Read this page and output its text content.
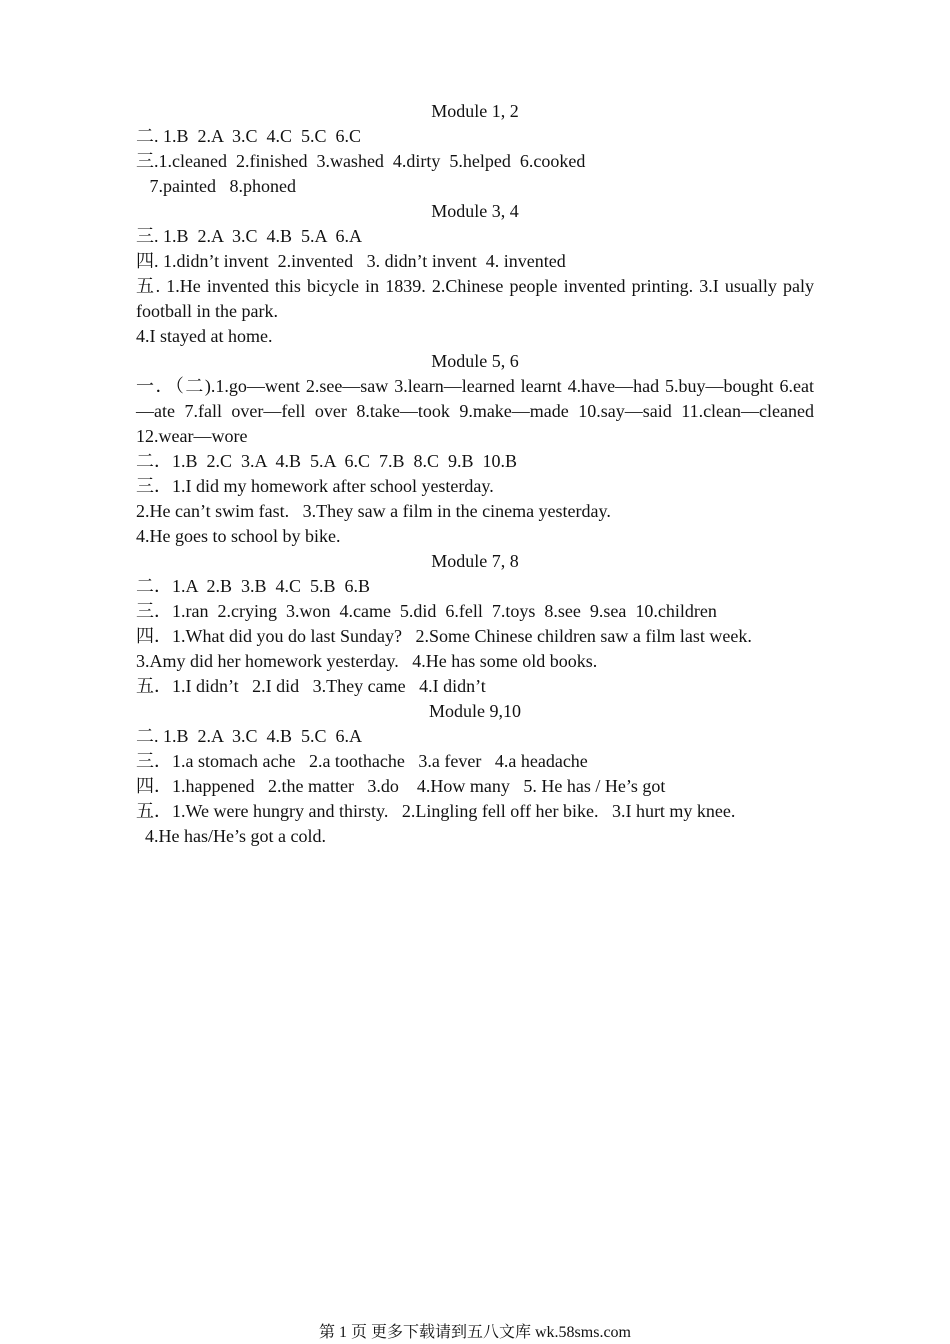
Module 1, 2
二. 1.B  2.A  3.C  4.C  5.C  6.C
三.1.cleaned  2.finished  3.washed  4.dirty  5.helped  6.cooked
7.painted   8.phoned
Module 3, 4
三. 1.B  2.A  3.C  4.B  5.A  6.A
四. 1.didn’t invent  2.invented   3. didn’t invent  4. invented
五. 1.He invented this bicycle in 1839. 2.Chinese people invented printing. 3.I usually paly football in the park.
4.I stayed at home.
Module 5, 6
一．（二).1.go—went 2.see—saw 3.learn—learned learnt 4.have—had 5.buy—bought 6.eat—ate 7.fall over—fell over 8.take—took 9.make—made 10.say—said 11.clean—cleaned 12.wear—wore
二．1.B  2.C  3.A  4.B  5.A  6.C  7.B  8.C  9.B  10.B
三．1.I did my homework after school yesterday.
2.He can’t swim fast.   3.They saw a film in the cinema yesterday.
4.He goes to school by bike.
Module 7, 8
二．1.A  2.B  3.B  4.C  5.B  6.B
三．1.ran  2.crying  3.won  4.came  5.did  6.fell  7.toys  8.see  9.sea  10.children
四．1.What did you do last Sunday?   2.Some Chinese children saw a film last week.
3.Amy did her homework yesterday.   4.He has some old books.
五．1.I didn’t   2.I did   3.They came   4.I didn’t
Module 9,10
二. 1.B  2.A  3.C  4.B  5.C  6.A
三．1.a stomach ache   2.a toothache   3.a fever   4.a headache
四．1.happened   2.the matter   3.do    4.How many   5. He has / He’s got
五．1.We were hungry and thirsty.   2.Lingling fell off her bike.   3.I hurt my knee.
4.He has/He’s got a cold.
第 1 页 更多下载请到五八文库 wk.58sms.com
